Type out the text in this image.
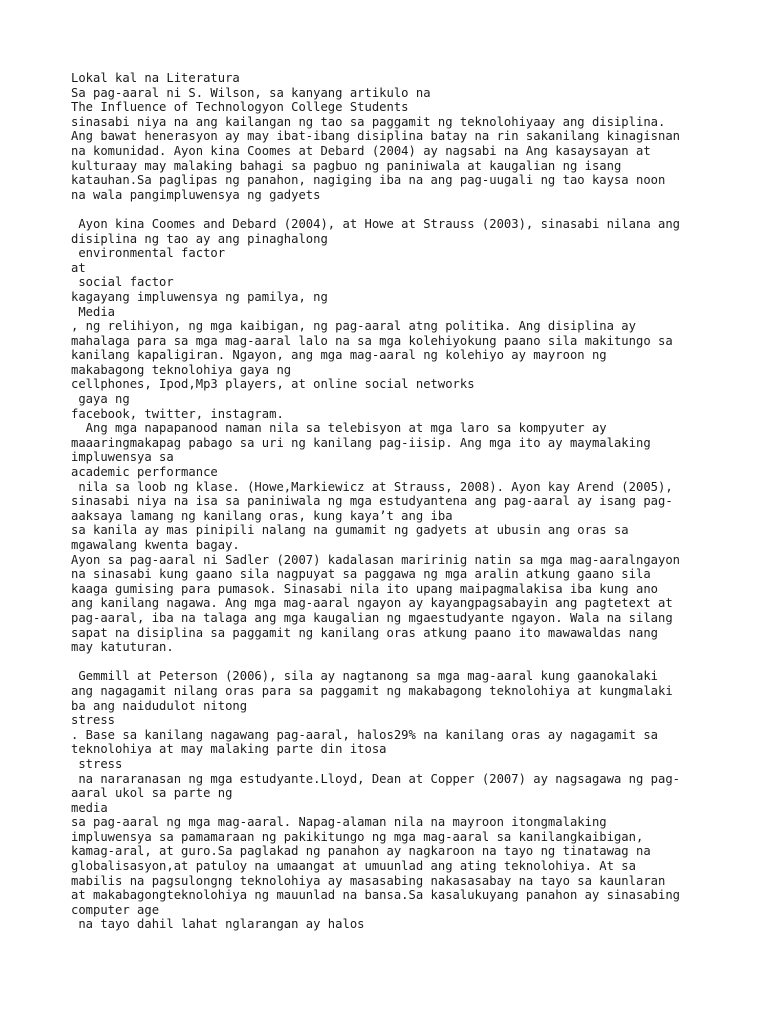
Lokal kal na Literatura
Sa pag-aaral ni S. Wilson, sa kanyang artikulo na
The Influence of Technologyon College Students
sinasabi niya na ang kailangan ng tao sa paggamit ng teknolohiyaay ang disiplina.
Ang bawat henerasyon ay may ibat-ibang disiplina batay na rin sakanilang kinagisnan
na komunidad. Ayon kina Coomes at Debard (2004) ay nagsabi na Ang kasaysayan at
kulturaay may malaking bahagi sa pagbuo ng paniniwala at kaugalian ng isang
katauhan.Sa paglipas ng panahon, nagiging iba na ang pag-uugali ng tao kaysa noon
na wala pangimpluwensya ng gadyets
Ayon kina Coomes and Debard (2004), at Howe at Strauss (2003), sinasabi nilana ang
disiplina ng tao ay ang pinaghalong
environmental factor
at
social factor
kagayang impluwensya ng pamilya, ng
Media
, ng relihiyon, ng mga kaibigan, ng pag-aaral atng politika. Ang disiplina ay
mahalaga para sa mga mag-aaral lalo na sa mga kolehiyokung paano sila makitungo sa
kanilang kapaligiran. Ngayon, ang mga mag-aaral ng kolehiyo ay mayroon ng
makabagong teknolohiya gaya ng
cellphones, Ipod,Mp3 players, at online social networks
gaya ng
facebook, twitter, instagram.
Ang mga napapanood naman nila sa telebisyon at mga laro sa kompyuter ay
maaaringmakapag pabago sa uri ng kanilang pag-iisip. Ang mga ito ay maymalaking
impluwensya sa
academic performance
nila sa loob ng klase. (Howe,Markiewicz at Strauss, 2008). Ayon kay Arend (2005),
sinasabi niya na isa sa paniniwala ng mga estudyantena ang pag-aaral ay isang pag-
aaksaya lamang ng kanilang oras, kung kaya’t ang iba
sa kanila ay mas pinipili nalang na gumamit ng gadyets at ubusin ang oras sa
mgawalang kwenta bagay.
Ayon sa pag-aaral ni Sadler (2007) kadalasan maririnig natin sa mga mag-aaralngayon
na sinasabi kung gaano sila nagpuyat sa paggawa ng mga aralin atkung gaano sila
kaaga gumising para pumasok. Sinasabi nila ito upang maipagmalakisa iba kung ano
ang kanilang nagawa. Ang mga mag-aaral ngayon ay kayangpagsabayin ang pagtetext at
pag-aaral, iba na talaga ang mga kaugalian ng mgaestudyante ngayon. Wala na silang
sapat na disiplina sa paggamit ng kanilang oras atkung paano ito mawawaldas nang
may katuturan.
Gemmill at Peterson (2006), sila ay nagtanong sa mga mag-aaral kung gaanokalaki
ang nagagamit nilang oras para sa paggamit ng makabagong teknolohiya at kungmalaki
ba ang naidudulot nitong
stress
. Base sa kanilang nagawang pag-aaral, halos29% na kanilang oras ay nagagamit sa
teknolohiya at may malaking parte din itosa
stress
na nararanasan ng mga estudyante.Lloyd, Dean at Copper (2007) ay nagsagawa ng pag-
aaral ukol sa parte ng
media
sa pag-aaral ng mga mag-aaral. Napag-alaman nila na mayroon itongmalaking
impluwensya sa pamamaraan ng pakikitungo ng mga mag-aaral sa kanilangkaibigan,
kamag-aral, at guro.Sa paglakad ng panahon ay nagkaroon na tayo ng tinatawag na
globalisasyon,at patuloy na umaangat at umuunlad ang ating teknolohiya. At sa
mabilis na pagsulongng teknolohiya ay masasabing nakasasabay na tayo sa kaunlaran
at makabagongteknolohiya ng mauunlad na bansa.Sa kasalukuyang panahon ay sinasabing
computer age
na tayo dahil lahat nglarangan ay halos
